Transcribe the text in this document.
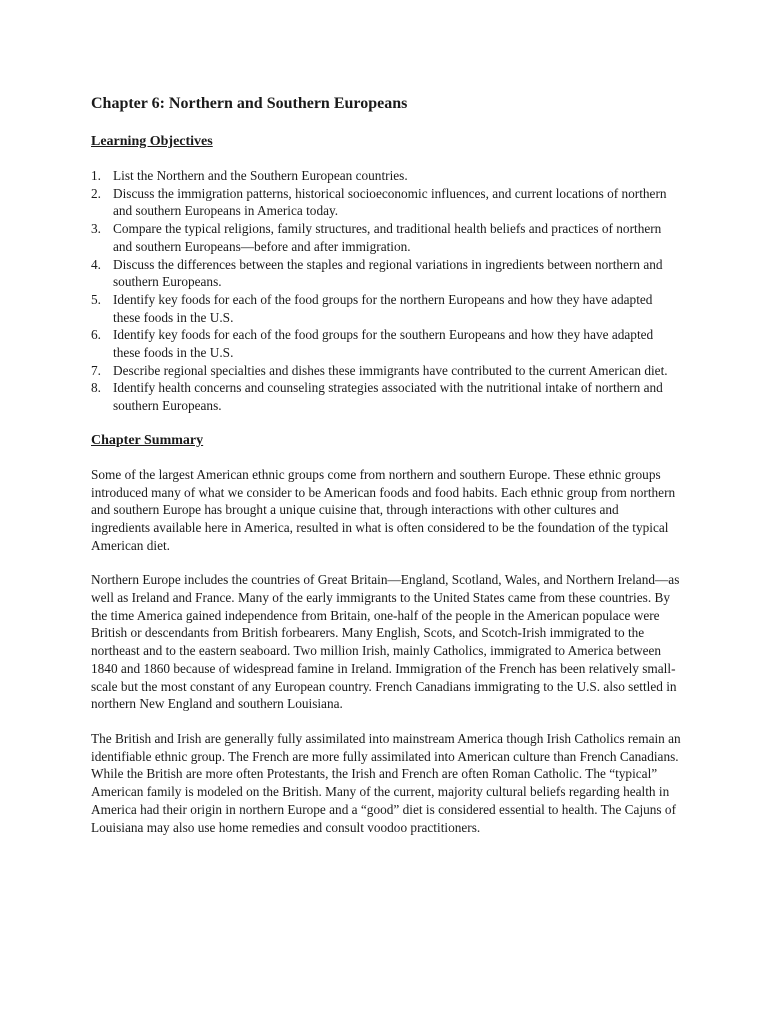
Chapter 6: Northern and Southern Europeans
Learning Objectives
1. List the Northern and the Southern European countries.
2. Discuss the immigration patterns, historical socioeconomic influences, and current locations of northern and southern Europeans in America today.
3. Compare the typical religions, family structures, and traditional health beliefs and practices of northern and southern Europeans—before and after immigration.
4. Discuss the differences between the staples and regional variations in ingredients between northern and southern Europeans.
5. Identify key foods for each of the food groups for the northern Europeans and how they have adapted these foods in the U.S.
6. Identify key foods for each of the food groups for the southern Europeans and how they have adapted these foods in the U.S.
7. Describe regional specialties and dishes these immigrants have contributed to the current American diet.
8. Identify health concerns and counseling strategies associated with the nutritional intake of northern and southern Europeans.
Chapter Summary

Some of the largest American ethnic groups come from northern and southern Europe. These ethnic groups introduced many of what we consider to be American foods and food habits. Each ethnic group from northern and southern Europe has brought a unique cuisine that, through interactions with other cultures and ingredients available here in America, resulted in what is often considered to be the foundation of the typical American diet.

Northern Europe includes the countries of Great Britain—England, Scotland, Wales, and Northern Ireland—as well as Ireland and France. Many of the early immigrants to the United States came from these countries. By the time America gained independence from Britain, one-half of the people in the American populace were British or descendants from British forbearers. Many English, Scots, and Scotch-Irish immigrated to the northeast and to the eastern seaboard. Two million Irish, mainly Catholics, immigrated to America between 1840 and 1860 because of widespread famine in Ireland. Immigration of the French has been relatively small-scale but the most constant of any European country. French Canadians immigrating to the U.S. also settled in northern New England and southern Louisiana.

The British and Irish are generally fully assimilated into mainstream America though Irish Catholics remain an identifiable ethnic group. The French are more fully assimilated into American culture than French Canadians. While the British are more often Protestants, the Irish and French are often Roman Catholic. The “typical” American family is modeled on the British. Many of the current, majority cultural beliefs regarding health in America had their origin in northern Europe and a “good” diet is considered essential to health. The Cajuns of Louisiana may also use home remedies and consult voodoo practitioners.
